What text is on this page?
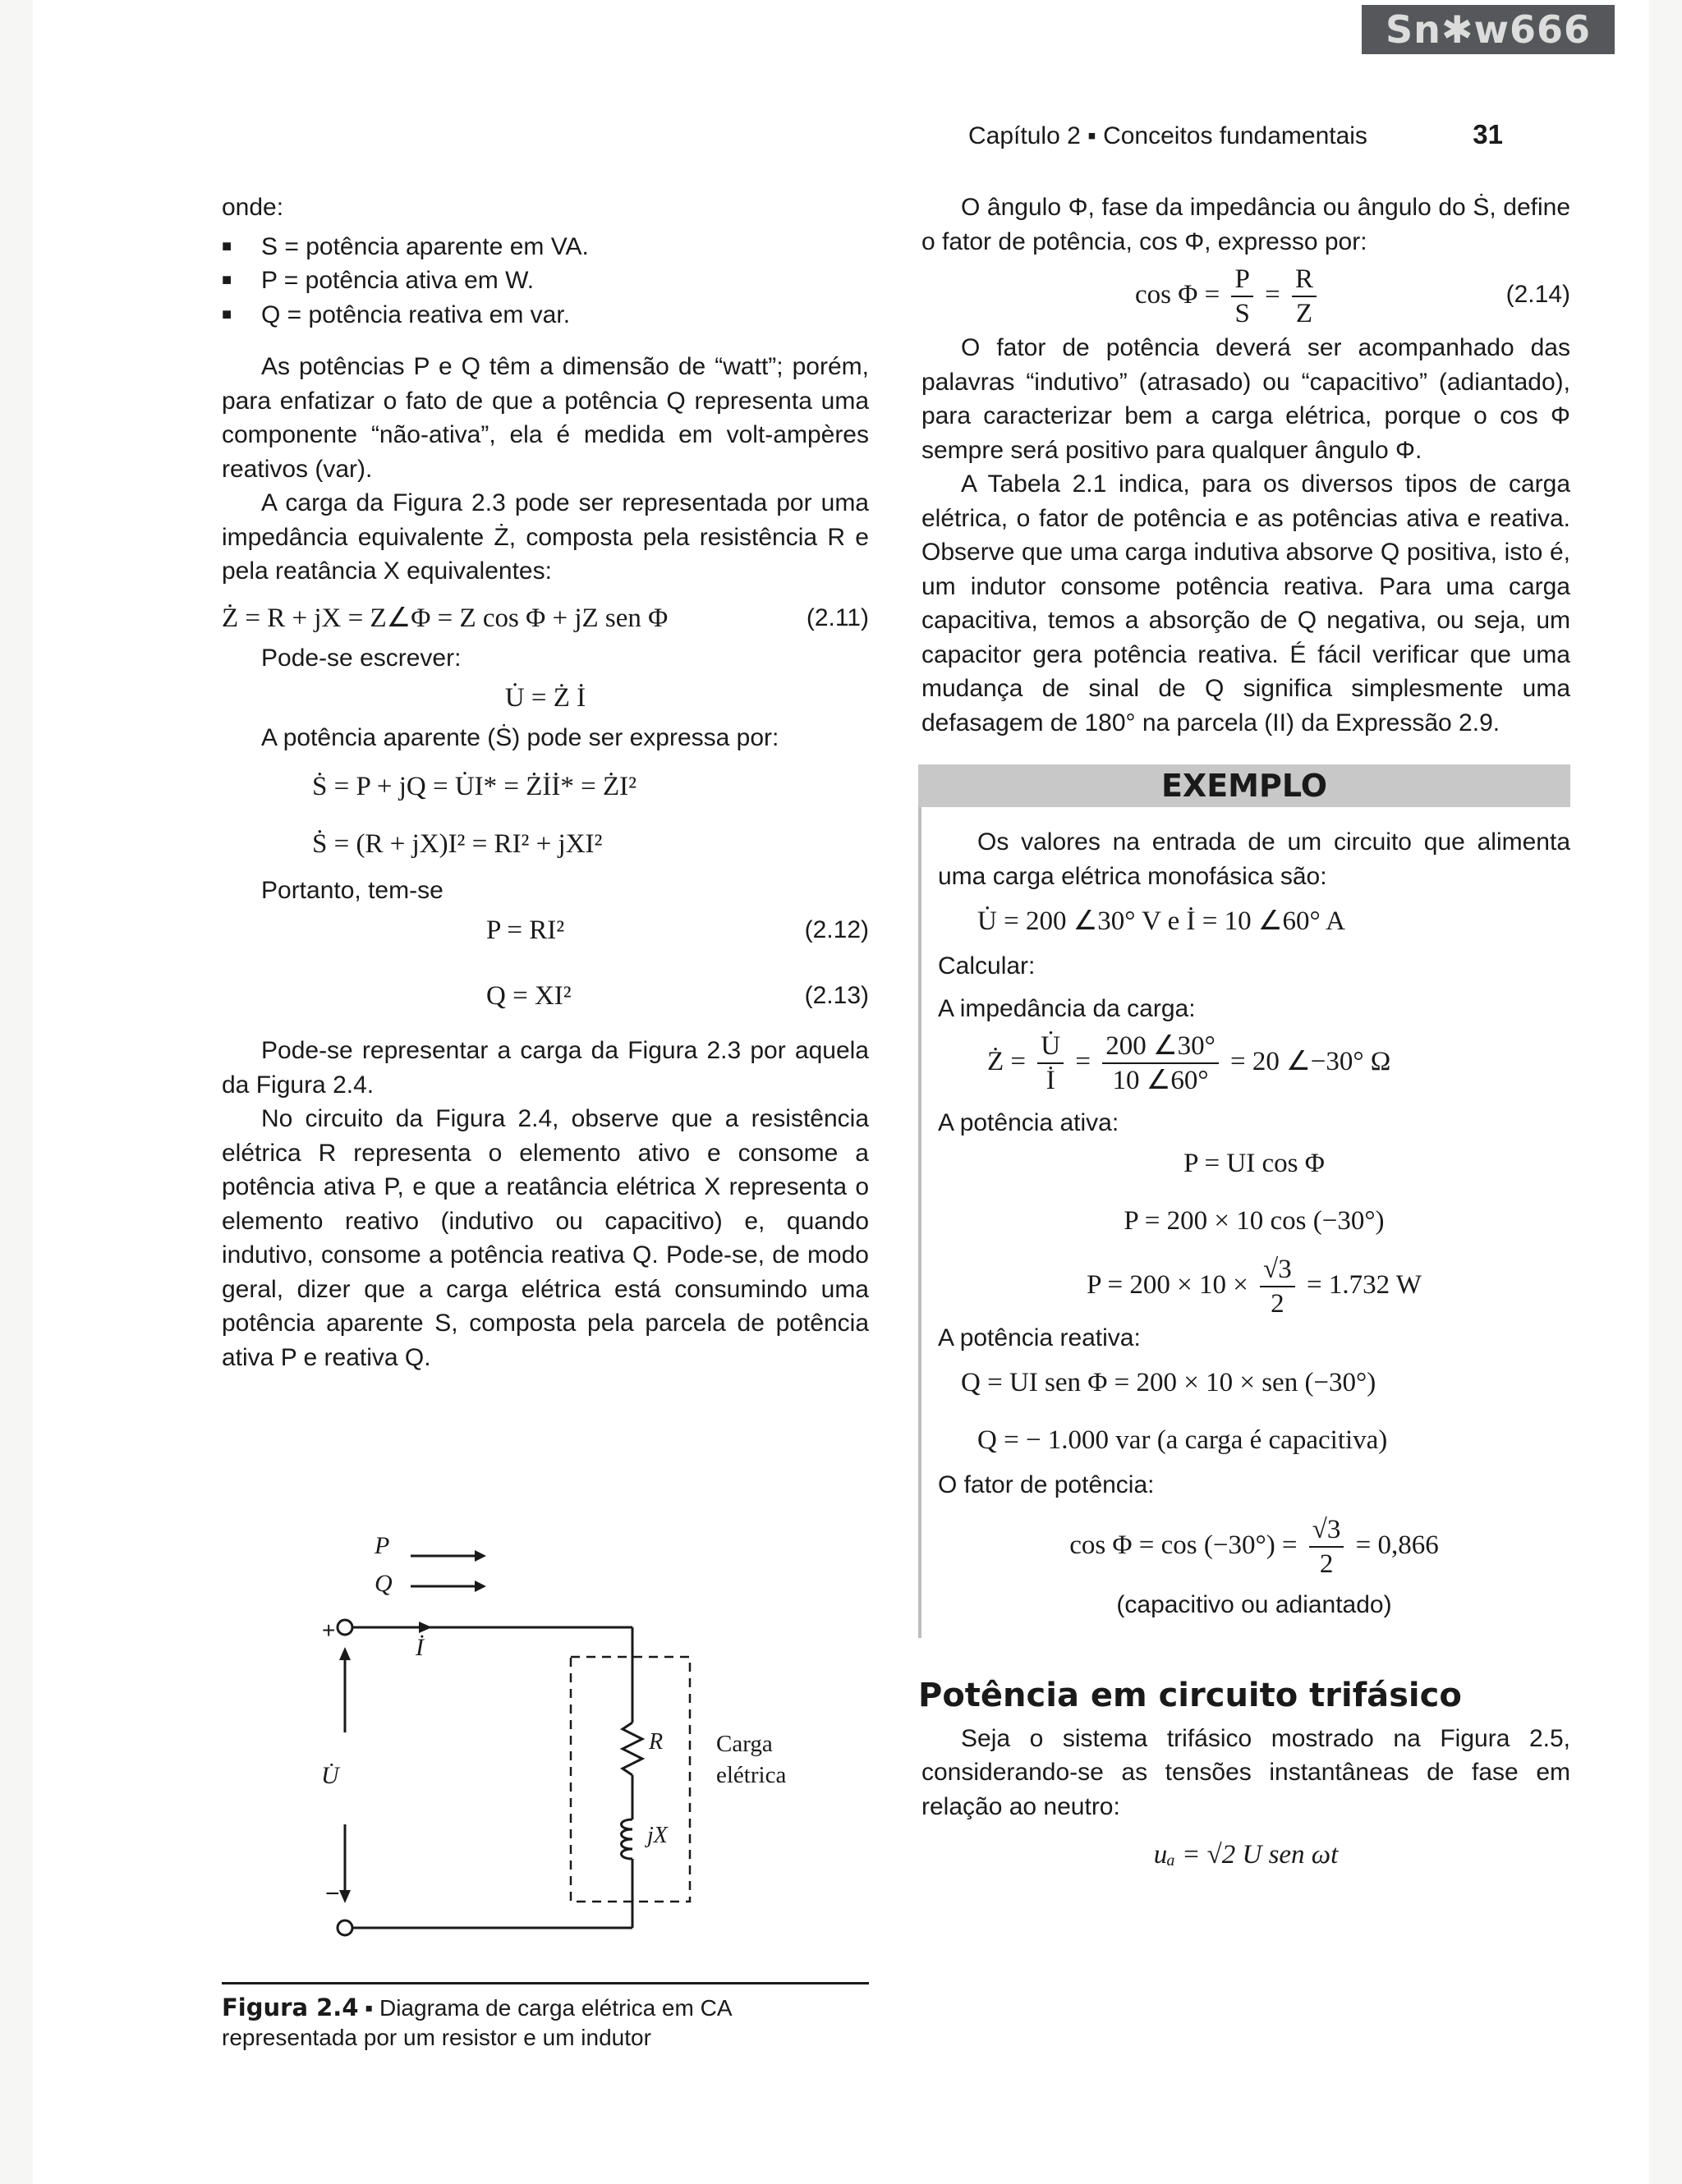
Sn✱w666
Capítulo 2 ▪ Conceitos fundamentais	31

onde:

■ S = potência aparente em VA.
■ P = potência ativa em W.
■ Q = potência reativa em var.

As potências P e Q têm a dimensão de “watt”; porém, para enfatizar o fato de que a potência Q representa uma componente “não-ativa”, ela é medida em volt-ampères reativos (var).

A carga da Figura 2.3 pode ser representada por uma impedância equivalente Ż, composta pela resistência R e pela reatância X equivalentes:

Ż = R + jX = Z∠Φ = Z cos Φ + jZ sen Φ	(2.11)

Pode-se escrever:

U̇ = Ż İ

A potência aparente (Ṡ) pode ser expressa por:

Ṡ = P + jQ = U̇I* = Żİİ* = ŻI²
Ṡ = (R + jX)I² = RI² + jXI²

Portanto, tem-se

P = RI²	(2.12)
Q = XI²	(2.13)

Pode-se representar a carga da Figura 2.3 por aquela da Figura 2.4.

No circuito da Figura 2.4, observe que a resistência elétrica R representa o elemento ativo e consome a potência ativa P, e que a reatância elétrica X representa o elemento reativo (indutivo ou capacitivo) e, quando indutivo, consome a potência reativa Q. Pode-se, de modo geral, dizer que a carga elétrica está consumindo uma potência aparente S, composta pela parcela de potência ativa P e reativa Q.

P
Q
İ
+
−
U̇
R
jX
Carga
elétrica
Figura 2.4 ▪ Diagrama de carga elétrica em CA representada por um resistor e um indutor

O ângulo Φ, fase da impedância ou ângulo do Ṡ, define o fator de potência, cos Φ, expresso por:

$\cos \Phi = \frac{P}{S} = \frac{R}{Z}$	(2.14)

O fator de potência deverá ser acompanhado das palavras “indutivo” (atrasado) ou “capacitivo” (adiantado), para caracterizar bem a carga elétrica, porque o cos Φ sempre será positivo para qualquer ângulo Φ.

A Tabela 2.1 indica, para os diversos tipos de carga elétrica, o fator de potência e as potências ativa e reativa. Observe que uma carga indutiva absorve Q positiva, isto é, um indutor consome potência reativa. Para uma carga capacitiva, temos a absorção de Q negativa, ou seja, um capacitor gera potência reativa. É fácil verificar que uma mudança de sinal de Q significa simplesmente uma defasagem de 180° na parcela (II) da Expressão 2.9.

EXEMPLO

Os valores na entrada de um circuito que alimenta uma carga elétrica monofásica são:

U̇ = 200 ∠30° V e İ = 10 ∠60° A

Calcular:

A impedância da carga:

Ż = $\frac{U̇}{İ} = \frac{200 \angle 30^\circ}{10 \angle 60^\circ} = 20$ ∠−30° Ω

A potência ativa:

P = UI cos Φ
P = 200 × 10 cos (−30°)
$P = 200 \times 10 \times \frac{√3}{2} = 1.732$ W

A potência reativa:

Q = UI sen Φ = 200 × 10 × sen (−30°)
Q = − 1.000 var (a carga é capacitiva)

O fator de potência:

$\cos \Phi = \cos (-30^\circ) = \frac{√3}{2} = 0,866$

(capacitivo ou adiantado)

Potência em circuito trifásico

Seja o sistema trifásico mostrado na Figura 2.5, considerando-se as tensões instantâneas de fase em relação ao neutro:

uₐ = √2 U sen ωt
